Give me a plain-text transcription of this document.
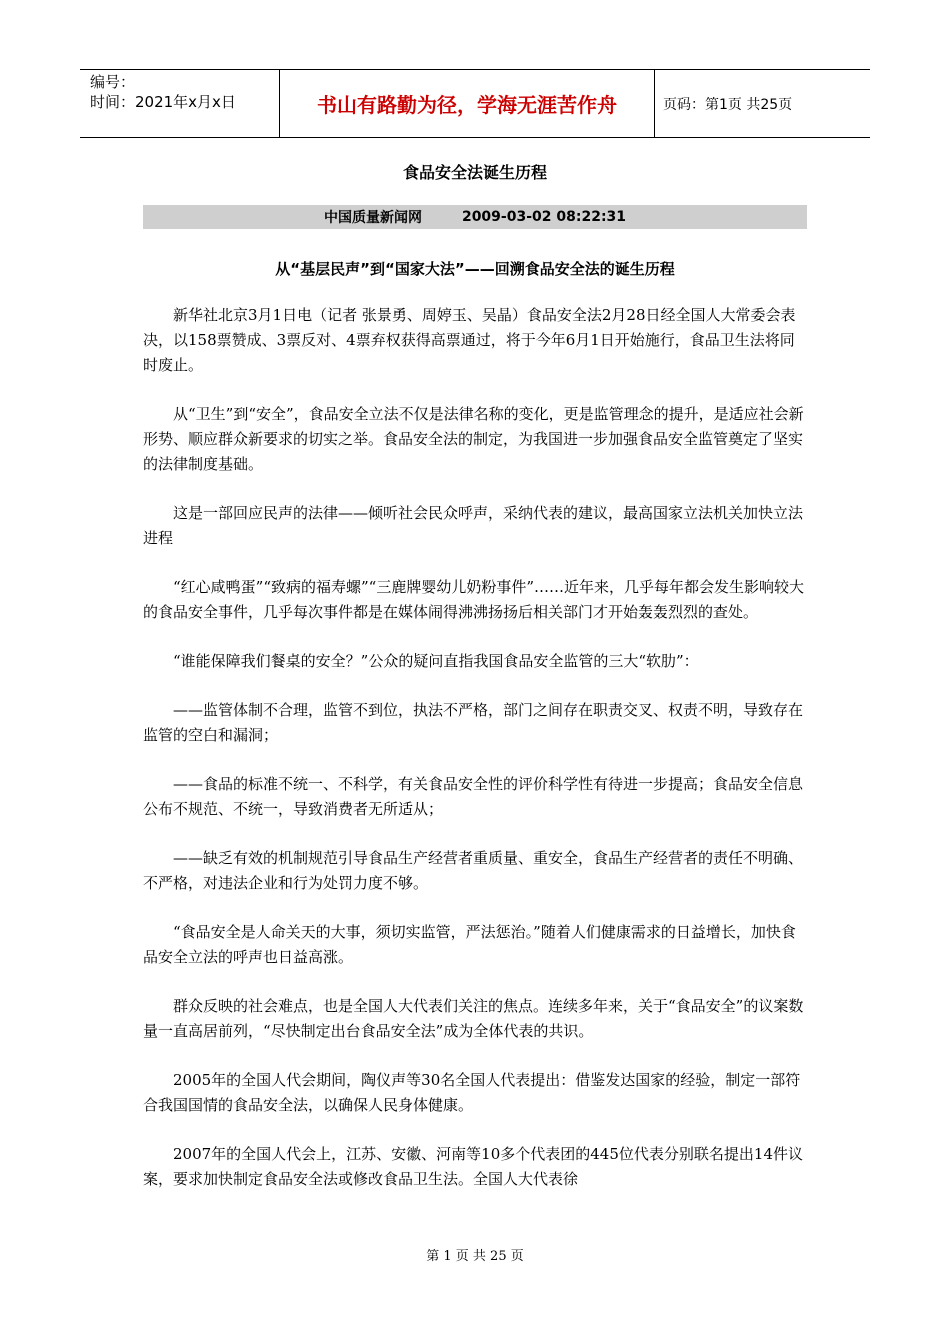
编号：
时间：2021年x月x日	书山有路勤为径，学海无涯苦作舟	页码：第1页 共25页
食品安全法诞生历程
中国质量新闻网	2009-03-02 08:22:31
从“基层民声”到“国家大法”——回溯食品安全法的诞生历程

新华社北京3月1日电（记者 张景勇、周婷玉、吴晶）食品安全法2月28日经全国人大常委会表决，以158票赞成、3票反对、4票弃权获得高票通过，将于今年6月1日开始施行，食品卫生法将同时废止。

从“卫生”到“安全”，食品安全立法不仅是法律名称的变化，更是监管理念的提升，是适应社会新形势、顺应群众新要求的切实之举。食品安全法的制定，为我国进一步加强食品安全监管奠定了坚实的法律制度基础。

这是一部回应民声的法律——倾听社会民众呼声，采纳代表的建议，最高国家立法机关加快立法进程

“红心咸鸭蛋”“致病的福寿螺”“三鹿牌婴幼儿奶粉事件”……近年来，几乎每年都会发生影响较大的食品安全事件，几乎每次事件都是在媒体闹得沸沸扬扬后相关部门才开始轰轰烈烈的查处。

“谁能保障我们餐桌的安全？”公众的疑问直指我国食品安全监管的三大“软肋”：

——监管体制不合理，监管不到位，执法不严格，部门之间存在职责交叉、权责不明，导致存在监管的空白和漏洞；

——食品的标准不统一、不科学，有关食品安全性的评价科学性有待进一步提高；食品安全信息公布不规范、不统一，导致消费者无所适从；

——缺乏有效的机制规范引导食品生产经营者重质量、重安全，食品生产经营者的责任不明确、不严格，对违法企业和行为处罚力度不够。

“食品安全是人命关天的大事，须切实监管，严法惩治。”随着人们健康需求的日益增长，加快食品安全立法的呼声也日益高涨。

群众反映的社会难点，也是全国人大代表们关注的焦点。连续多年来，关于“食品安全”的议案数量一直高居前列，“尽快制定出台食品安全法”成为全体代表的共识。

2005年的全国人代会期间，陶仪声等30名全国人代表提出：借鉴发达国家的经验，制定一部符合我国国情的食品安全法，以确保人民身体健康。

2007年的全国人代会上，江苏、安徽、河南等10多个代表团的445位代表分别联名提出14件议案，要求加快制定食品安全法或修改食品卫生法。全国人大代表徐

第 1 页 共 25 页
